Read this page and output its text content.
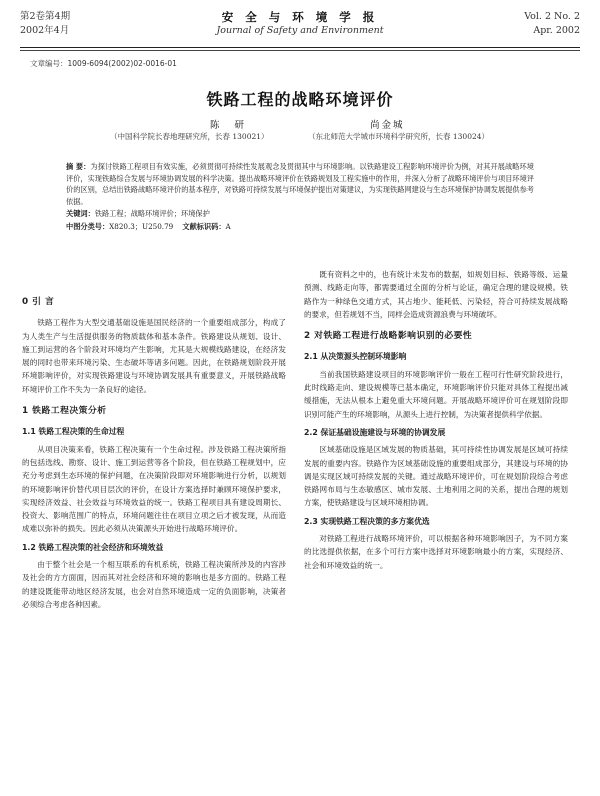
第2卷第4期
2002年4月
安 全 与 环 境 学 报
Journal of Safety and Environment
Vol. 2 No. 2
Apr. 2002
文章编号：1009-6094(2002)02-0016-01
铁路工程的战略环境评价
陈 研	尚金城
（中国科学院长春地理研究所，长春 130021）	（东北师范大学城市环境科学研究所，长春 130024）
摘 要：为探讨铁路工程项目有效实施，必须贯彻可持续性发展观念及贯彻其中与环境影响。以铁路建设工程影响环境评价为例，对其开展战略环境评价，实现铁路综合发展与环境协调发展的科学决策。提出战略环境评价在铁路规划及工程实施中的作用，并深入分析了战略环境评价与项目环境评价的区别，总结出铁路战略环境评价的基本程序，对铁路可持续发展与环境保护提出对策建议，为实现铁路网建设与生态环境保护协调发展提供参考依据。
关键词：铁路工程；战略环境评价；环境保护
中图分类号：X820.3；U250.79 文献标识码：A
0 引 言

铁路工程作为大型交通基础设施是国民经济的一个重要组成部分，构成了为人类生产与生活提供服务的物质载体和基本条件。铁路建设从规划、设计、施工到运营的各个阶段对环境均产生影响，尤其是大规模线路建设，在经济发展的同时也带来环境污染、生态破坏等诸多问题。因此，在铁路规划阶段开展环境影响评价，对实现铁路建设与环境协调发展具有重要意义，开展铁路战略环境评价工作不失为一条良好的途径。

1 铁路工程决策分析
1.1 铁路工程决策的生命过程

从项目决策来看，铁路工程决策有一个生命过程。涉及铁路工程决策所指的包括选线、勘察、设计、施工到运营等各个阶段，但在铁路工程规划中，应充分考虑到生态环境的保护问题，在决策阶段即对环境影响进行分析，以规划的环境影响评价替代项目层次的评价，在设计方案选择时兼顾环境保护要求，实现经济效益、社会效益与环境效益的统一。铁路工程项目具有建设周期长、投资大、影响范围广的特点，环境问题往往在项目立项之后才被发现，从而造成难以弥补的损失。因此必须从决策源头开始进行战略环境评价。

1.2 铁路工程决策的社会经济和环境效益

由于整个社会是一个相互联系的有机系统，铁路工程决策所涉及的内容涉及社会的方方面面，因而其对社会经济和环境的影响也是多方面的。铁路工程的建设既能带动地区经济发展，也会对自然环境造成一定的负面影响，决策者必须综合考虑各种因素。

既有资料之中的，也有统计未发布的数据，如规划目标、铁路等级、运量预测、线路走向等，都需要通过全面的分析与论证，确定合理的建设规模。铁路作为一种绿色交通方式，其占地少、能耗低、污染轻，符合可持续发展战略的要求，但若规划不当，同样会造成资源浪费与环境破坏。

2 对铁路工程进行战略影响识别的必要性
2.1 从决策源头控制环境影响

当前我国铁路建设项目的环境影响评价一般在工程可行性研究阶段进行，此时线路走向、建设规模等已基本确定，环境影响评价只能对具体工程提出减缓措施，无法从根本上避免重大环境问题。开展战略环境评价可在规划阶段即识别可能产生的环境影响，从源头上进行控制，为决策者提供科学依据。

2.2 保证基础设施建设与环境的协调发展

区域基础设施是区域发展的物质基础，其可持续性协调发展是区域可持续发展的重要内容。铁路作为区域基础设施的重要组成部分，其建设与环境的协调是实现区域可持续发展的关键。通过战略环境评价，可在规划阶段综合考虑铁路网布局与生态敏感区、城市发展、土地利用之间的关系，提出合理的规划方案，使铁路建设与区域环境相协调。

2.3 实现铁路工程决策的多方案优选

对铁路工程进行战略环境评价，可以根据各种环境影响因子，为不同方案的比选提供依据，在多个可行方案中选择对环境影响最小的方案，实现经济、社会和环境效益的统一。
